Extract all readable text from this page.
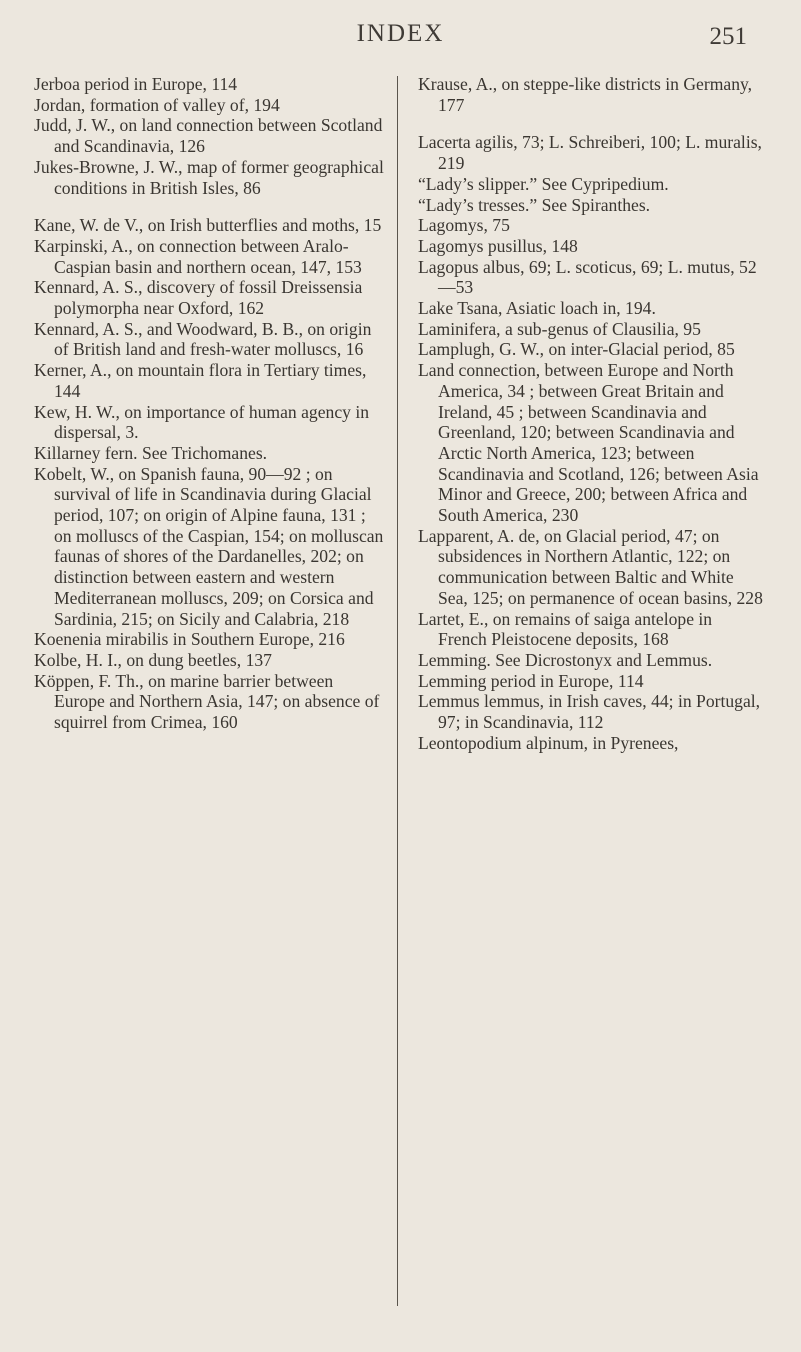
INDEX	251

Jerboa period in Europe, 114

Jordan, formation of valley of, 194

Judd, J. W., on land connection between Scotland and Scandinavia, 126

Jukes-Browne, J. W., map of former geographical conditions in British Isles, 86

Kane, W. de V., on Irish butterflies and moths, 15

Karpinski, A., on connection between Aralo-Caspian basin and northern ocean, 147, 153

Kennard, A. S., discovery of fossil Dreissensia polymorpha near Oxford, 162

Kennard, A. S., and Woodward, B. B., on origin of British land and fresh-water molluscs, 16

Kerner, A., on mountain flora in Tertiary times, 144

Kew, H. W., on importance of human agency in dispersal, 3.

Killarney fern. See Trichomanes.

Kobelt, W., on Spanish fauna, 90—92 ; on survival of life in Scandinavia during Glacial period, 107; on origin of Alpine fauna, 131 ; on molluscs of the Caspian, 154; on molluscan faunas of shores of the Dardanelles, 202; on distinction between eastern and western Mediterranean molluscs, 209; on Corsica and Sardinia, 215; on Sicily and Calabria, 218

Koenenia mirabilis in Southern Europe, 216

Kolbe, H. I., on dung beetles, 137

Köppen, F. Th., on marine barrier between Europe and Northern Asia, 147; on absence of squirrel from Crimea, 160

Krause, A., on steppe-like districts in Germany, 177

Lacerta agilis, 73; L. Schreiberi, 100; L. muralis, 219

“Lady’s slipper.” See Cypripedium.

“Lady’s tresses.” See Spiranthes.

Lagomys, 75

Lagomys pusillus, 148

Lagopus albus, 69; L. scoticus, 69; L. mutus, 52—53

Lake Tsana, Asiatic loach in, 194.

Laminifera, a sub-genus of Clausilia, 95

Lamplugh, G. W., on inter-Glacial period, 85

Land connection, between Europe and North America, 34 ; between Great Britain and Ireland, 45 ; between Scandinavia and Greenland, 120; between Scandinavia and Arctic North America, 123; between Scandinavia and Scotland, 126; between Asia Minor and Greece, 200; between Africa and South America, 230

Lapparent, A. de, on Glacial period, 47; on subsidences in Northern Atlantic, 122; on communication between Baltic and White Sea, 125; on permanence of ocean basins, 228

Lartet, E., on remains of saiga antelope in French Pleistocene deposits, 168

Lemming. See Dicrostonyx and Lemmus.

Lemming period in Europe, 114

Lemmus lemmus, in Irish caves, 44; in Portugal, 97; in Scandinavia, 112

Leontopodium alpinum, in Pyrenees,
